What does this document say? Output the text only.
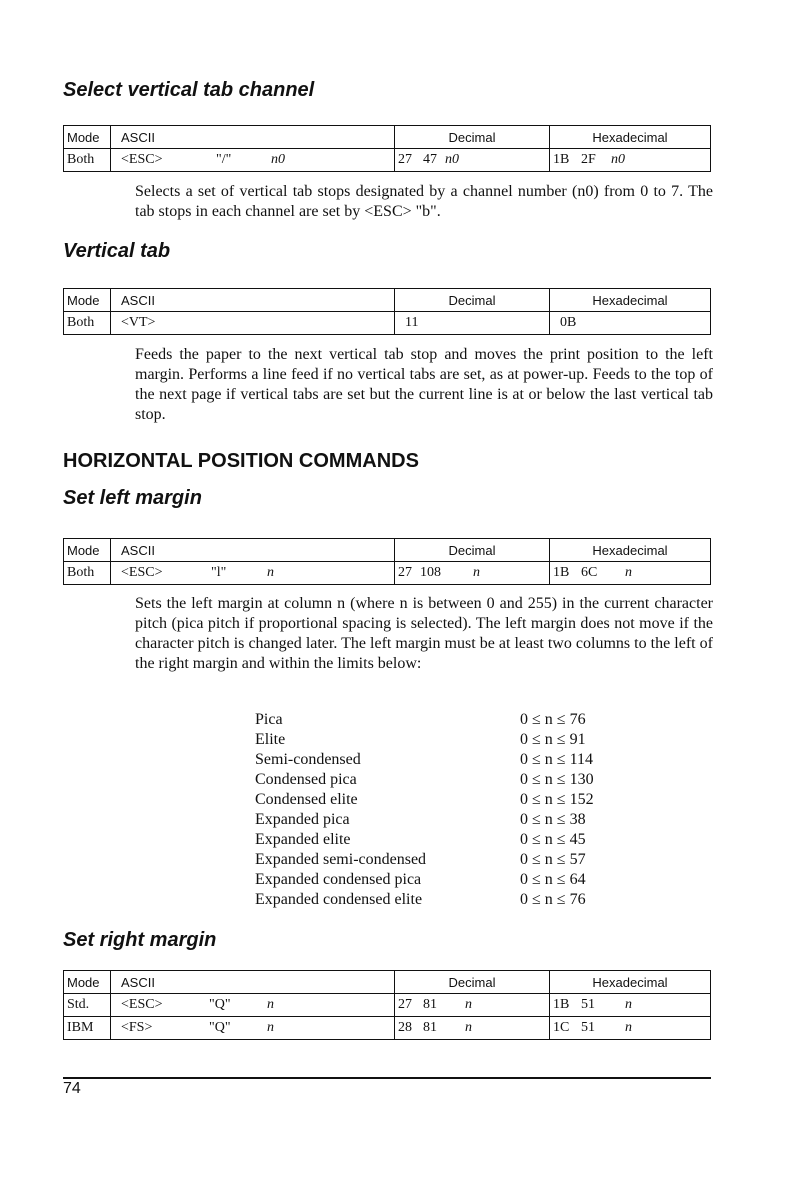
Select vertical tab channel
Mode	ASCII	Decimal	Hexadecimal
Both	<ESC> "/" n0	27 47 n0	1B 2F n0

Selects a set of vertical tab stops designated by a channel number (n0) from 0 to 7. The tab stops in each channel are set by <ESC> "b".

Vertical tab
Mode	ASCII	Decimal	Hexadecimal
Both	<VT>	11	0B

Feeds the paper to the next vertical tab stop and moves the print position to the left margin. Performs a line feed if no vertical tabs are set, as at power-up. Feeds to the top of the next page if vertical tabs are set but the current line is at or below the last vertical tab stop.

HORIZONTAL POSITION COMMANDS
Set left margin
Mode	ASCII	Decimal	Hexadecimal
Both	<ESC> "l" n	27 108 n	1B 6C n

Sets the left margin at column n (where n is between 0 and 255) in the current character pitch (pica pitch if proportional spacing is selected). The left margin does not move if the character pitch is changed later. The left margin must be at least two columns to the left of the right margin and within the limits below:

Pica	0 ≤ n ≤ 76
Elite	0 ≤ n ≤ 91
Semi-condensed	0 ≤ n ≤ 114
Condensed pica	0 ≤ n ≤ 130
Condensed elite	0 ≤ n ≤ 152
Expanded pica	0 ≤ n ≤ 38
Expanded elite	0 ≤ n ≤ 45
Expanded semi-condensed	0 ≤ n ≤ 57
Expanded condensed pica	0 ≤ n ≤ 64
Expanded condensed elite	0 ≤ n ≤ 76
Set right margin
Mode	ASCII	Decimal	Hexadecimal
Std.	<ESC> "Q" n	27 81 n	1B 51 n
IBM	<FS> "Q" n	28 81 n	1C 51 n
74
